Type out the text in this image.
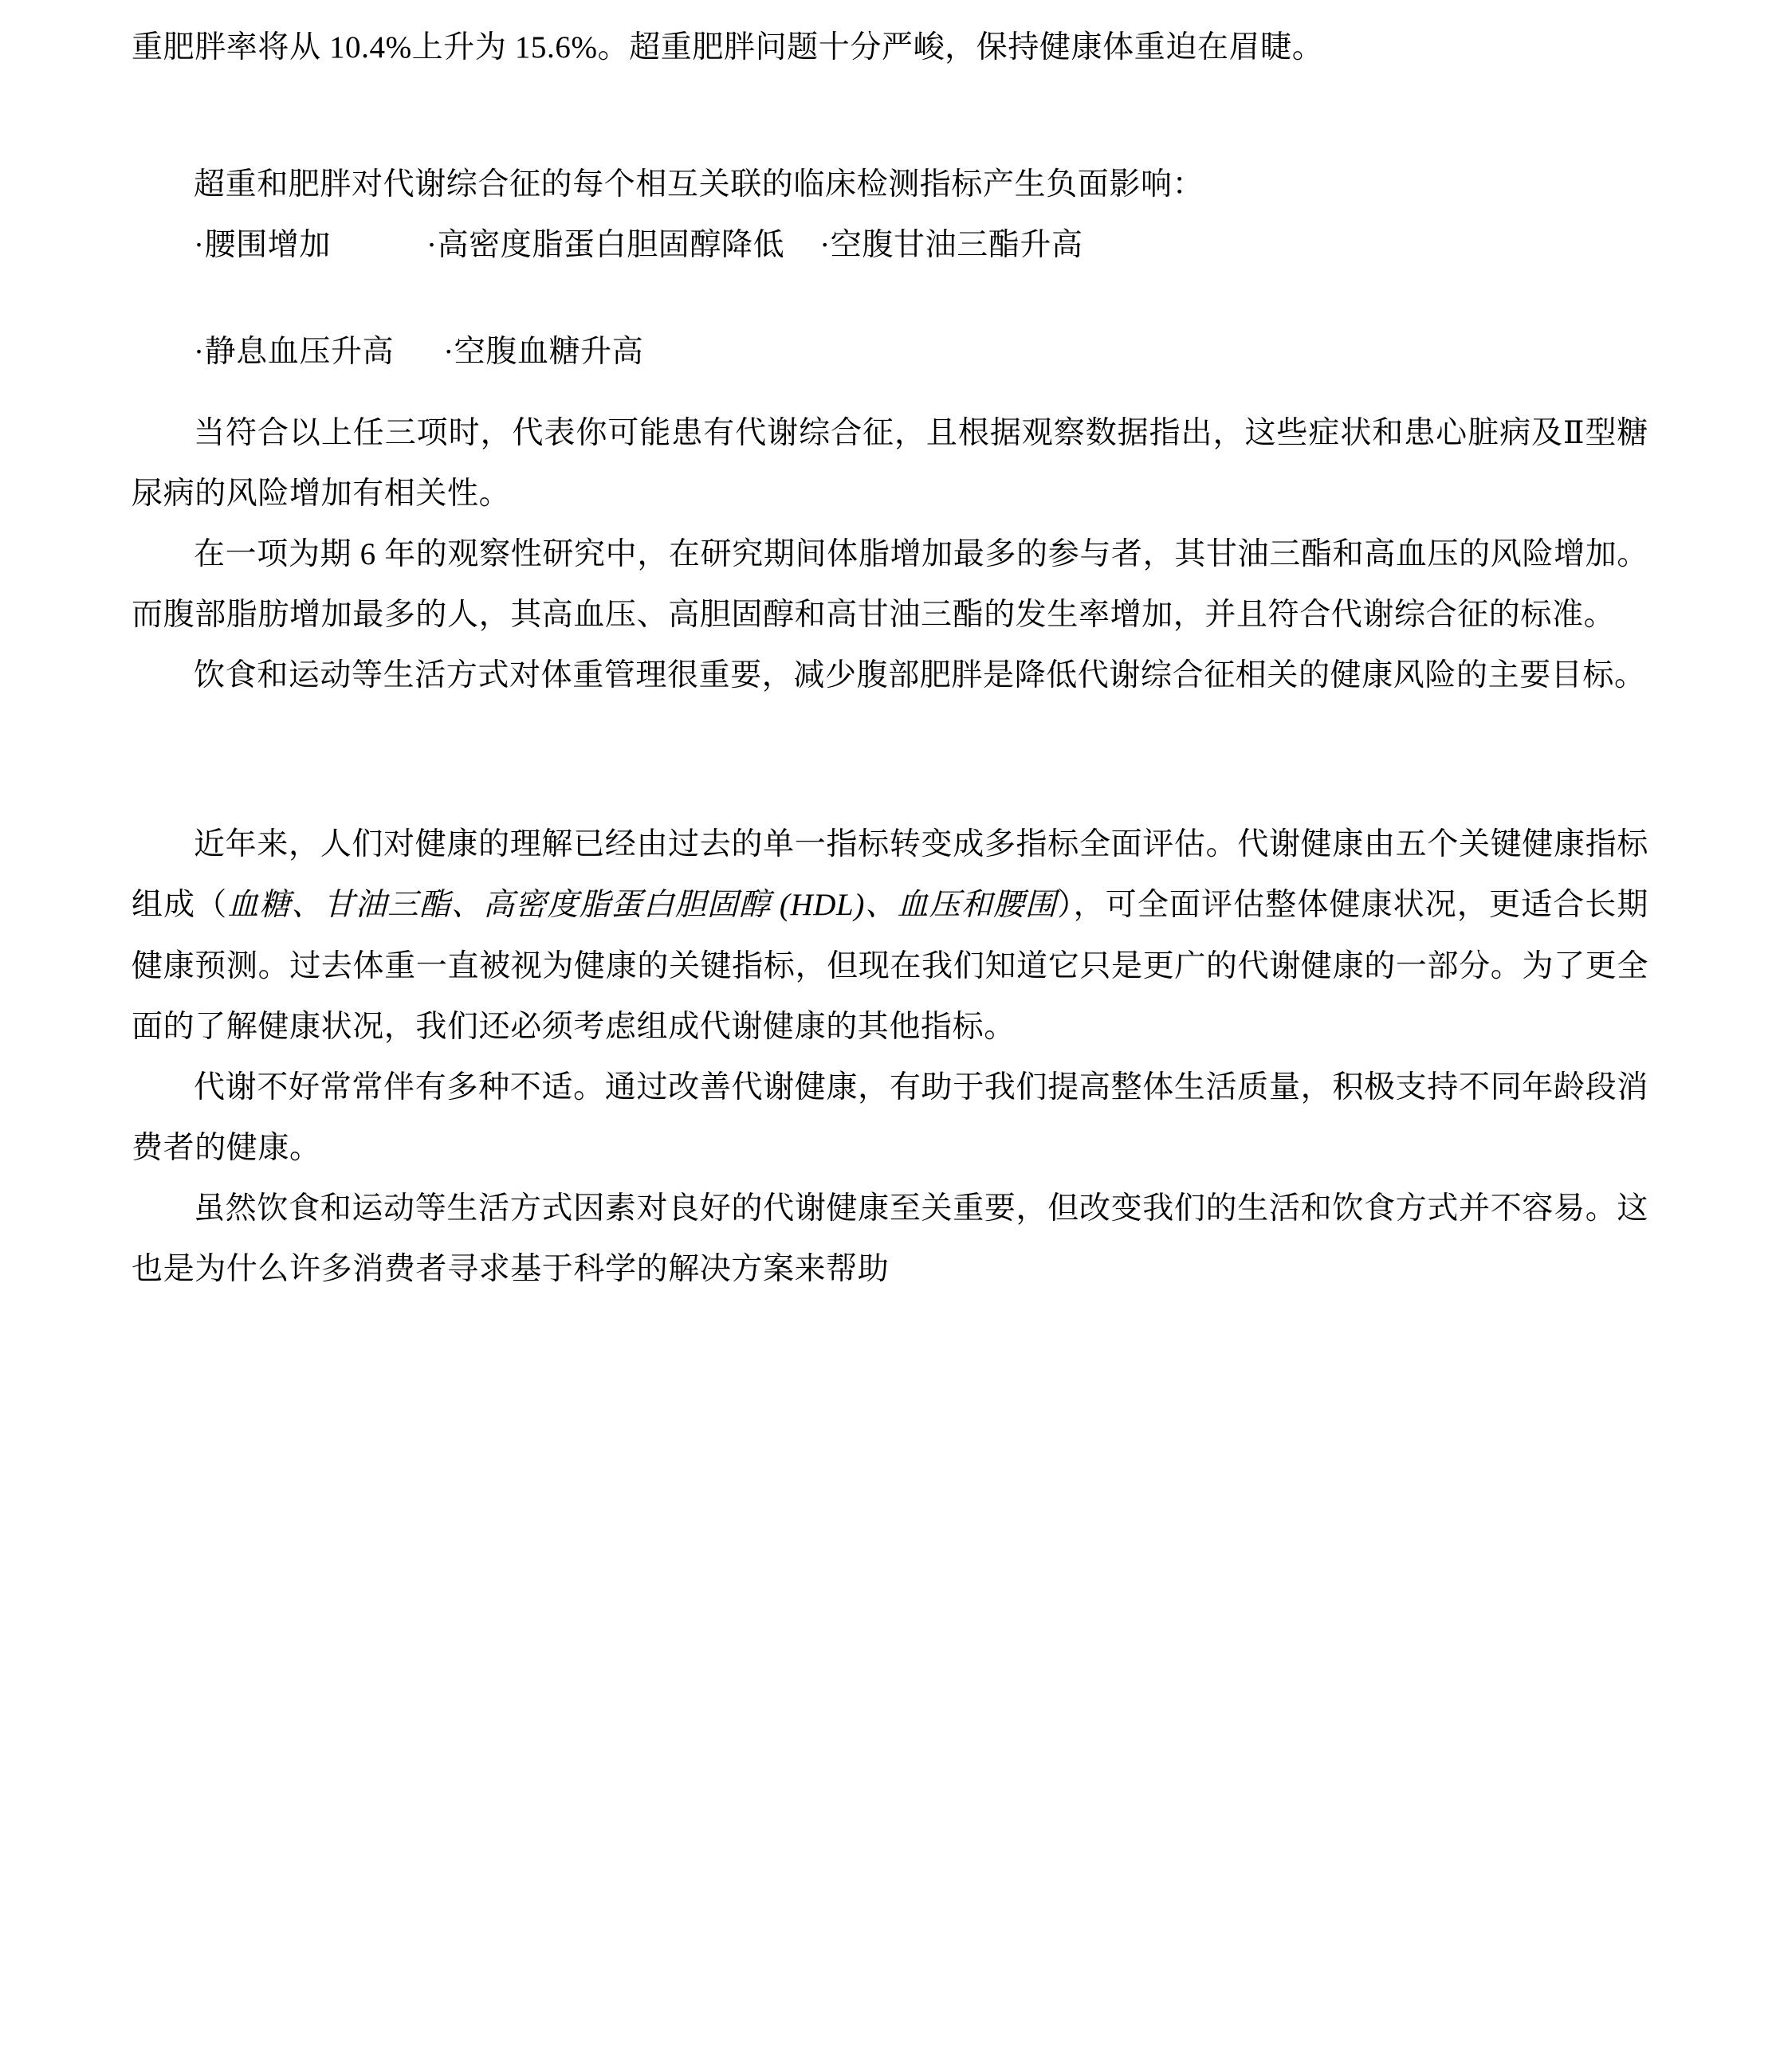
重肥胖率将从 10.4%上升为 15.6%。超重肥胖问题十分严峻，保持健康体重迫在眉睫。

超重和肥胖对代谢综合征的每个相互关联的临床检测指标产生负面影响：

·腰围增加	·高密度脂蛋白胆固醇降低 ·空腹甘油三酯升高
·静息血压升高 ·空腹血糖升高

当符合以上任三项时，代表你可能患有代谢综合征，且根据观察数据指出，这些症状和患心脏病及Ⅱ型糖尿病的风险增加有相关性。

在一项为期 6 年的观察性研究中，在研究期间体脂增加最多的参与者，其甘油三酯和高血压的风险增加。而腹部脂肪增加最多的人，其高血压、高胆固醇和高甘油三酯的发生率增加，并且符合代谢综合征的标准。

饮食和运动等生活方式对体重管理很重要，减少腹部肥胖是降低代谢综合征相关的健康风险的主要目标。

近年来，人们对健康的理解已经由过去的单一指标转变成多指标全面评估。代谢健康由五个关键健康指标组成（血糖、甘油三酯、高密度脂蛋白胆固醇 (HDL)、血压和腰围），可全面评估整体健康状况，更适合长期健康预测。过去体重一直被视为健康的关键指标，但现在我们知道它只是更广的代谢健康的一部分。为了更全面的了解健康状况，我们还必须考虑组成代谢健康的其他指标。

代谢不好常常伴有多种不适。通过改善代谢健康，有助于我们提高整体生活质量，积极支持不同年龄段消费者的健康。

虽然饮食和运动等生活方式因素对良好的代谢健康至关重要，但改变我们的生活和饮食方式并不容易。这也是为什么许多消费者寻求基于科学的解决方案来帮助
